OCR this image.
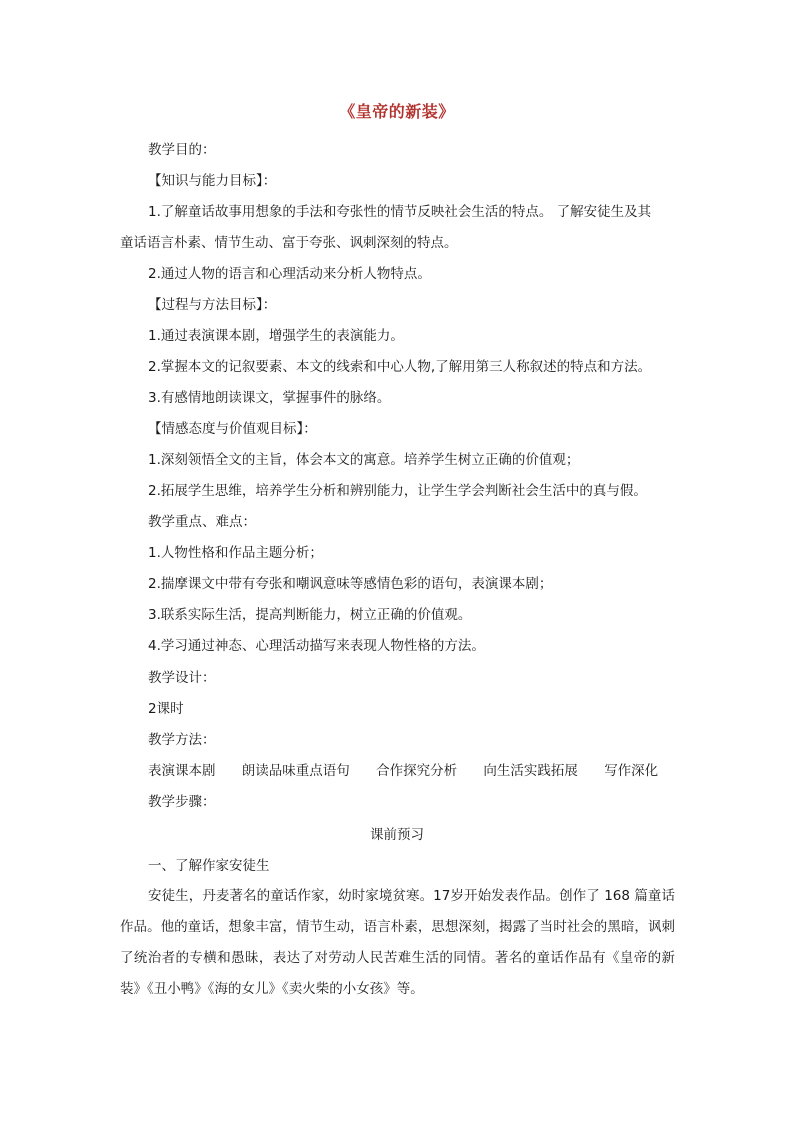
《皇帝的新装》
教学目的：
【知识与能力目标】：
1.了解童话故事用想象的手法和夸张性的情节反映社会生活的特点。 了解安徒生及其
童话语言朴素、情节生动、富于夸张、讽刺深刻的特点。
2.通过人物的语言和心理活动来分析人物特点。
【过程与方法目标】：
1.通过表演课本剧，增强学生的表演能力。
2.掌握本文的记叙要素、本文的线索和中心人物,了解用第三人称叙述的特点和方法。
3.有感情地朗读课文，掌握事件的脉络。
【情感态度与价值观目标】：
1.深刻领悟全文的主旨，体会本文的寓意。培养学生树立正确的价值观；
2.拓展学生思维，培养学生分析和辨别能力，让学生学会判断社会生活中的真与假。
教学重点、难点：
1.人物性格和作品主题分析；
2.揣摩课文中带有夸张和嘲讽意味等感情色彩的语句，表演课本剧；
3.联系实际生活，提高判断能力，树立正确的价值观。
4.学习通过神态、心理活动描写来表现人物性格的方法。
教学设计：
2课时
教学方法：
表演课本剧 朗读品味重点语句 合作探究分析 向生活实践拓展 写作深化
教学步骤：
课前预习
一、了解作家安徒生

安徒生，丹麦著名的童话作家，幼时家境贫寒。17岁开始发表作品。创作了 168 篇童话作品。他的童话，想象丰富，情节生动，语言朴素，思想深刻，揭露了当时社会的黑暗，讽刺了统治者的专横和愚昧，表达了对劳动人民苦难生活的同情。著名的童话作品有《皇帝的新装》《丑小鸭》《海的女儿》《卖火柴的小女孩》等。
